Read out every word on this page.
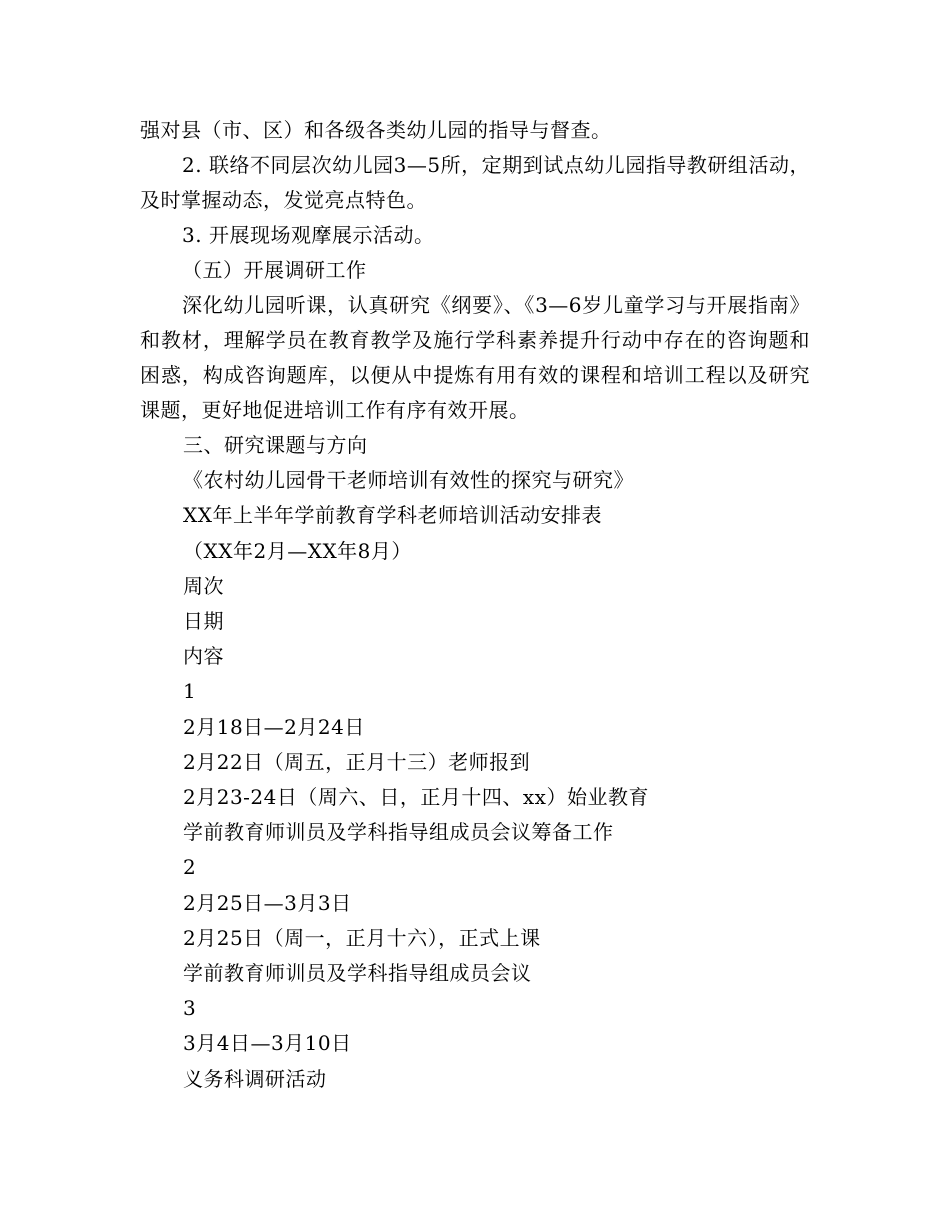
强对县（市、区）和各级各类幼儿园的指导与督查。

2. 联络不同层次幼儿园3—5所，定期到试点幼儿园指导教研组活动，及时掌握动态，发觉亮点特色。

3. 开展现场观摩展示活动。

（五）开展调研工作

深化幼儿园听课，认真研究《纲要》、《3—6岁儿童学习与开展指南》和教材，理解学员在教育教学及施行学科素养提升行动中存在的咨询题和困惑，构成咨询题库，以便从中提炼有用有效的课程和培训工程以及研究课题，更好地促进培训工作有序有效开展。

三、研究课题与方向

《农村幼儿园骨干老师培训有效性的探究与研究》

XX年上半年学前教育学科老师培训活动安排表

（XX年2月—XX年8月）

周次

日期

内容

1

2月18日—2月24日

2月22日（周五，正月十三）老师报到

2月23-24日（周六、日，正月十四、xx）始业教育

学前教育师训员及学科指导组成员会议筹备工作

2

2月25日—3月3日

2月25日（周一，正月十六），正式上课

学前教育师训员及学科指导组成员会议

3

3月4日—3月10日

义务科调研活动
